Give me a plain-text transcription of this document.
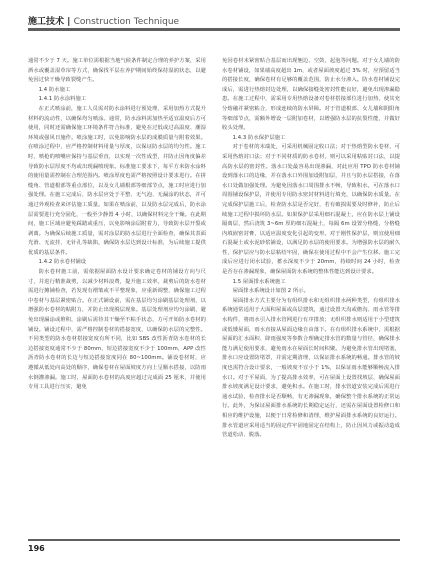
施工技术 | Construction Technique

通常不少于 7 天。施工单位需根据当地气候条件制定合理的养护方案，采用洒水或覆盖湿草帘等方式，确保找平层在养护期间始终保持湿润状态，以避免因过快干燥导致裂缝产生。

1.4 防水施工

1.4.1 防水涂料施工

在正式喷涂前，施工人员需对防水涂料进行预处理，采用加热方式提升材料的流动性，以确保均匀喷涂。通常，防水涂料需加热至适宜温度后方可使用，同时还需确保施工环境条件符合标准，避免在过低或过高温度、潮湿环境或强风日施作。喷涂施工时，以免影响防水层的成膜质量与附着效果。在喷涂过程中，应严格控制材料用量与厚度，以保证防水层的均匀性。施工时，喷枪的喷嘴应保持与基层垂直，以实现一次性成型，并防止因角度偏差导致防水层厚度不均或出现漏喷现象。标准施工要求下，每平方米防水涂料的使用量需控制在合理范围内。喷涂厚度也需严格按照设计要求进行。在拼缝角、管道根部等重点部位，以及女儿墙根部等细部节点，施工时应进行加强处理。在施工完成后，防水层应处于平整、无气泡、无漏涂的状态，并可通过外观检查来评估施工质量。如果在喷涂前，以及防水层完成后，防水涂层需要进行充分固化，一般至少静置 4 小时，以确保材料完全干燥。在此期间，施工区域应避免踩踏或重压，以免影响涂层附着力，导致防水层开裂或剥离。为确保后续施工质量，需对涂层的防水层进行全面检查，确保其表面光滑、无流挂、无针孔等缺陷，确保防水层达到设计标准，为后续施工提供优质的基层条件。

1.4.2 防水卷材铺设

防水卷材施工前，需依据屋面防水设计要求确定卷材的铺设方向与尺寸，并进行精准裁剪，以减少材料浪费，提升施工效率。裁剪后的防水卷材需进行摊铺检查，若发现有褶皱或不平整现象，应重新调整，确保施工过程中卷材与基层紧密贴合。在正式铺设前，需在基层均匀涂刷基层处理剂，以增强防水卷材的粘附力，并防止出现脱层现象。基层处理剂应均匀涂刷，避免出现漏涂或堆积，涂刷后需待其干燥至不粘手状态，方可开始防水卷材的铺设。铺设过程中，需严格控制卷材的搭接宽度，以确保防水层的完整性。不同类型的防水卷材搭接宽度有所不同，比如 SBS 改性沥青防水卷材的长边搭接宽度通常不少于 80mm，短边搭接宽度不少于 100mm，APP 改性沥青防水卷材的长边与短边搭接宽度同在 80~100mm。铺设卷材时，应遵循从低处向高处的顺序，确保卷材在屋面坡度方向上呈顺水搭接，以防雨水倒灌渗漏。施工时，屋面防水卷材的高度应超过完成面 25 厘米，并使用专用工具进行压实，避免

免因卷材未紧密贴合基层而出现翘边、空鼓、起泡等问题。对于女儿墙的防水卷材铺设，如果墙高度超出 1m，或者屋面坡度超过 3% 时，应预留适当的搭接长度，确保卷材有足够的覆盖范围，防止水分渗入。防水卷材铺设完成后，需进行热熔封边处理，以确保接缝处密封性能良好，避免出现渗漏隐患。在施工过程中，需采用专用热熔设备对卷材搭接部位进行加热，使其充分熔融并紧密粘合，形成连续的防水屏障。对于管道根部、女儿墙和阴阳角等细部节点，需额外增设一层附加卷材，以增强防水层的抗裂性能，并做好收头处理。

1.4.3 防水保护层施工

对于卷材的末端处，可采用机械固定收口法；对于热熔型防水卷材，可采用热熔封口法；对于不同材质的防水卷材，则可以采用粘贴封口法，以提高防水层的密封性。落水口处最容易出现渗漏，对此应用 TPO 防水卷材铺设到落水口的边缘，并在落水口外围加设附加层，并且与防水层搭接，在落水口处做加强处理。为避免因落水口周围排水不畅，导致积水，可在落水口周围铺设保护层，并使用专用防水密封材料进行填充，以确保防水质量。在完成保护层施工后，检查防水层是否完好，若有破损需要及时修补，防止后续施工过程中损坏防水层。如果保护层采用细石混凝土，应在防水层上铺设隔离层，然后浇筑 3~6m 厚的细石混凝土，每隔 6m 设置分格缝，分格缝内填嵌密封膏，以适应温度变化引起的变形。对于刚性保护层，则宜使用细石混凝土或水泥砂浆铺设，以满足防水层的使用要求。为增强防水层的耐久性，保护层应与防水层粘结牢固，确保在使用过程中不会产生位移。施工完成后应进行闭水试验，蓄水深度不少于 20mm，持续时间 24 小时，检查是否存在渗漏现象，确保屋面防水系统的整体性能达到设计要求。

1.5 屋面排水系统施工

屋面排水系统设计如图 2 所示。

屋面排水方式主要分为有组织排水和无组织排水两种类型，有组织排水系统通常适用于大面积屋面或高层建筑，通过设置天沟或檐沟、雨水管等排水构件，将雨水引入排水管网进行有序排放；无组织排水则适用于小型建筑或低矮屋面，雨水直接从屋面边缘自由落下。在有组织排水系统中，需根据屋面的汇水面积、降雨强度等参数合理确定排水管的数量与管径，确保排水能力满足使用要求，避免雨水在屋面长时间积聚。为避免排水管出现堵塞，排水口应设置防堵罩，并需定期清理，以保证排水系统的畅通。排水管的坡度也需符合设计要求，一般坡度不宜小于 1%，以保证雨水能够顺畅流入排水口。对于平屋面，为了提高排水效率，可在屋面上设置找坡层，确保屋面排水坡度满足设计要求，避免积水。在施工时，排水管道安装完成后需进行通水试验，检查排水是否顺畅，有无渗漏现象，确保整个排水系统的正常运行。此外，为保证屋面排水系统的长期稳定运行，还需在屋面设置检修口和相应的维护设施，以便于日常检修和清理，维护屋面排水系统的良好运行。排水管道应采用适当的固定件牢固地固定在结构上，防止因风力或振动造成管道松动、脱落。

196
